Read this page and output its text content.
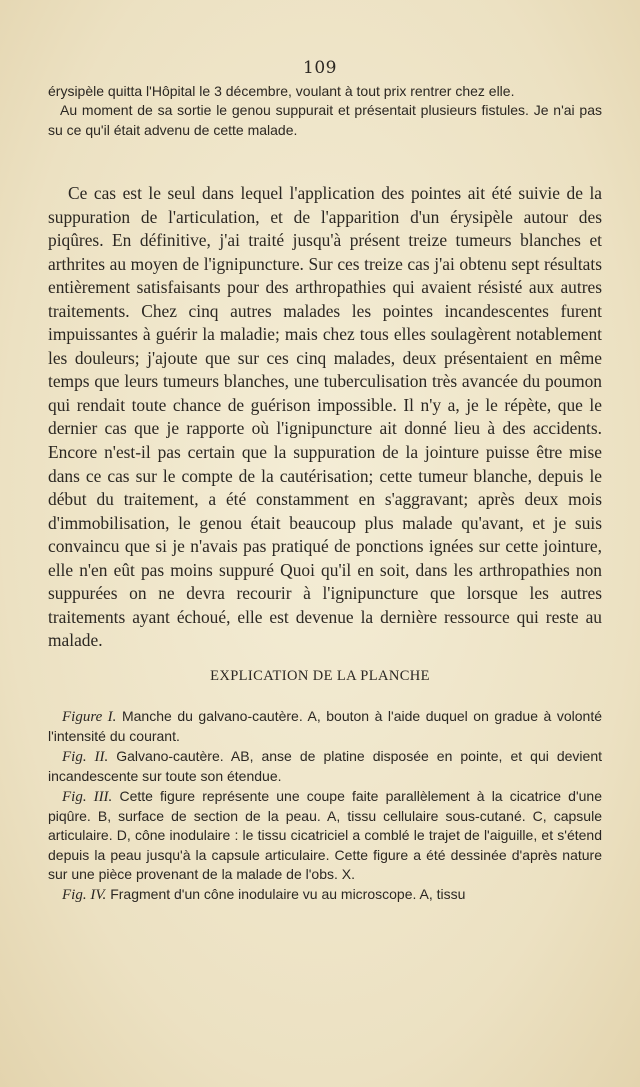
109

érysipèle quitta l'Hôpital le 3 décembre, voulant à tout prix rentrer chez elle.

Au moment de sa sortie le genou suppurait et présentait plusieurs fistules. Je n'ai pas su ce qu'il était advenu de cette malade.

Ce cas est le seul dans lequel l'application des pointes ait été suivie de la suppuration de l'articulation, et de l'apparition d'un érysipèle autour des piqûres. En définitive, j'ai traité jusqu'à présent treize tumeurs blanches et arthrites au moyen de l'ignipuncture. Sur ces treize cas j'ai obtenu sept résultats entièrement satisfaisants pour des arthropathies qui avaient résisté aux autres traitements. Chez cinq autres malades les pointes incandescentes furent impuissantes à guérir la maladie; mais chez tous elles soulagèrent notablement les douleurs; j'ajoute que sur ces cinq malades, deux présentaient en même temps que leurs tumeurs blanches, une tuberculisation très avancée du poumon qui rendait toute chance de guérison impossible. Il n'y a, je le répète, que le dernier cas que je rapporte où l'ignipuncture ait donné lieu à des accidents. Encore n'est-il pas certain que la suppuration de la jointure puisse être mise dans ce cas sur le compte de la cautérisation; cette tumeur blanche, depuis le début du traitement, a été constamment en s'aggravant; après deux mois d'immobilisation, le genou était beaucoup plus malade qu'avant, et je suis convaincu que si je n'avais pas pratiqué de ponctions ignées sur cette jointure, elle n'en eût pas moins suppuré Quoi qu'il en soit, dans les arthropathies non suppurées on ne devra recourir à l'ignipuncture que lorsque les autres traitements ayant échoué, elle est devenue la dernière ressource qui reste au malade.

EXPLICATION DE LA PLANCHE

Figure I. Manche du galvano-cautère. A, bouton à l'aide duquel on gradue à volonté l'intensité du courant.

Fig. II. Galvano-cautère. AB, anse de platine disposée en pointe, et qui devient incandescente sur toute son étendue.

Fig. III. Cette figure représente une coupe faite parallèlement à la cicatrice d'une piqûre. B, surface de section de la peau. A, tissu cellulaire sous-cutané. C, capsule articulaire. D, cône inodulaire : le tissu cicatriciel a comblé le trajet de l'aiguille, et s'étend depuis la peau jusqu'à la capsule articulaire. Cette figure a été dessinée d'après nature sur une pièce provenant de la malade de l'obs. X.

Fig. IV. Fragment d'un cône inodulaire vu au microscope. A, tissu
